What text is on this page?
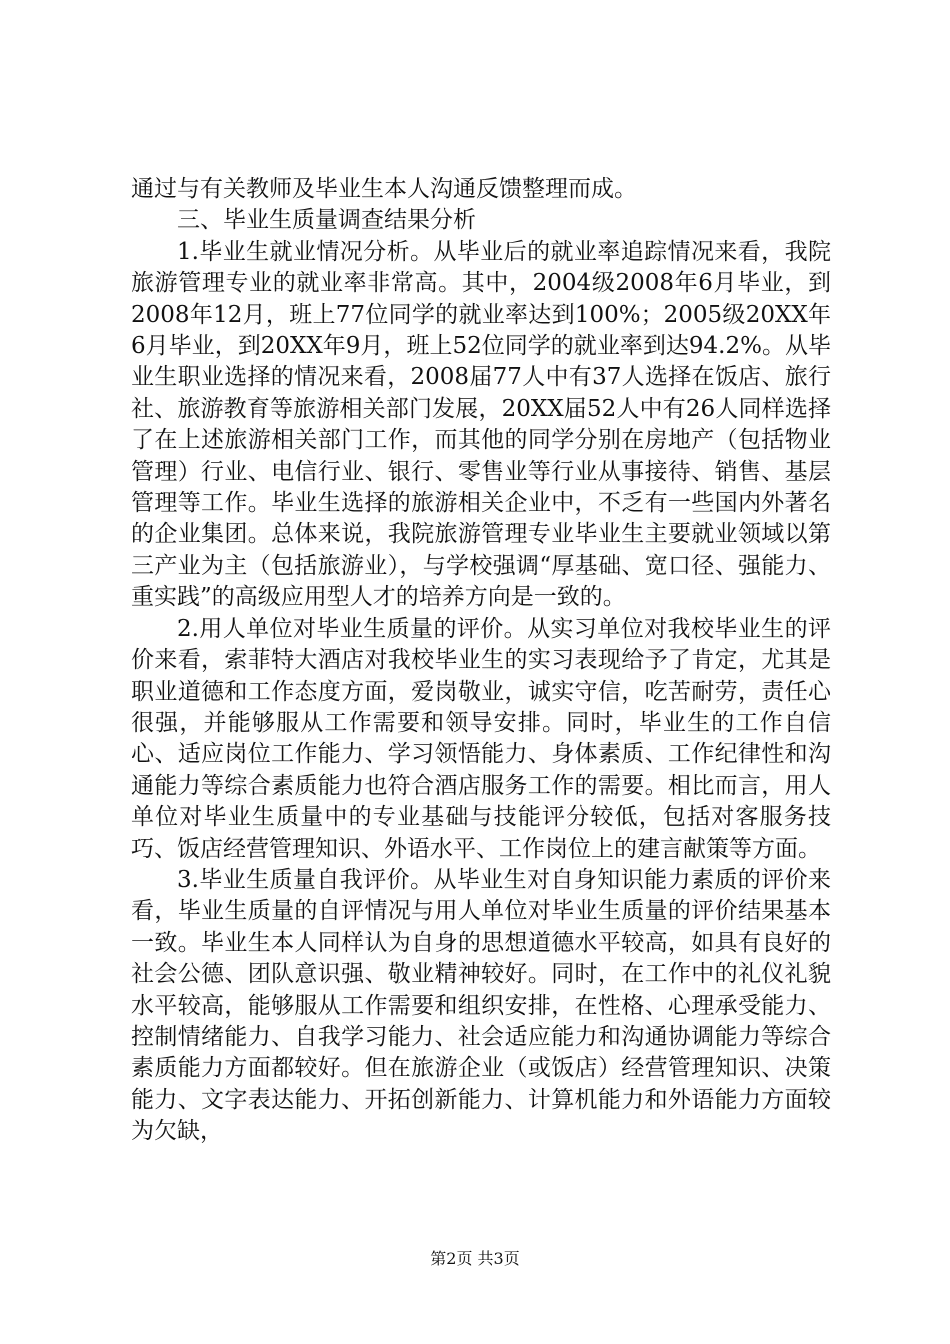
通过与有关教师及毕业生本人沟通反馈整理而成。

三、毕业生质量调查结果分析

1.毕业生就业情况分析。从毕业后的就业率追踪情况来看，我院旅游管理专业的就业率非常高。其中，2004级2008年6月毕业，到2008年12月，班上77位同学的就业率达到100%；2005级20XX年6月毕业，到20XX年9月，班上52位同学的就业率到达94.2%。从毕业生职业选择的情况来看，2008届77人中有37人选择在饭店、旅行社、旅游教育等旅游相关部门发展，20XX届52人中有26人同样选择了在上述旅游相关部门工作，而其他的同学分别在房地产（包括物业管理）行业、电信行业、银行、零售业等行业从事接待、销售、基层管理等工作。毕业生选择的旅游相关企业中，不乏有一些国内外著名的企业集团。总体来说，我院旅游管理专业毕业生主要就业领域以第三产业为主（包括旅游业），与学校强调“厚基础、宽口径、强能力、重实践”的高级应用型人才的培养方向是一致的。

2.用人单位对毕业生质量的评价。从实习单位对我校毕业生的评价来看，索菲特大酒店对我校毕业生的实习表现给予了肯定，尤其是职业道德和工作态度方面，爱岗敬业，诚实守信，吃苦耐劳，责任心很强，并能够服从工作需要和领导安排。同时，毕业生的工作自信心、适应岗位工作能力、学习领悟能力、身体素质、工作纪律性和沟通能力等综合素质能力也符合酒店服务工作的需要。相比而言，用人单位对毕业生质量中的专业基础与技能评分较低，包括对客服务技巧、饭店经营管理知识、外语水平、工作岗位上的建言献策等方面。

3.毕业生质量自我评价。从毕业生对自身知识能力素质的评价来看，毕业生质量的自评情况与用人单位对毕业生质量的评价结果基本一致。毕业生本人同样认为自身的思想道德水平较高，如具有良好的社会公德、团队意识强、敬业精神较好。同时，在工作中的礼仪礼貌水平较高，能够服从工作需要和组织安排，在性格、心理承受能力、控制情绪能力、自我学习能力、社会适应能力和沟通协调能力等综合素质能力方面都较好。但在旅游企业（或饭店）经营管理知识、决策能力、文字表达能力、开拓创新能力、计算机能力和外语能力方面较为欠缺，

第2页 共3页
